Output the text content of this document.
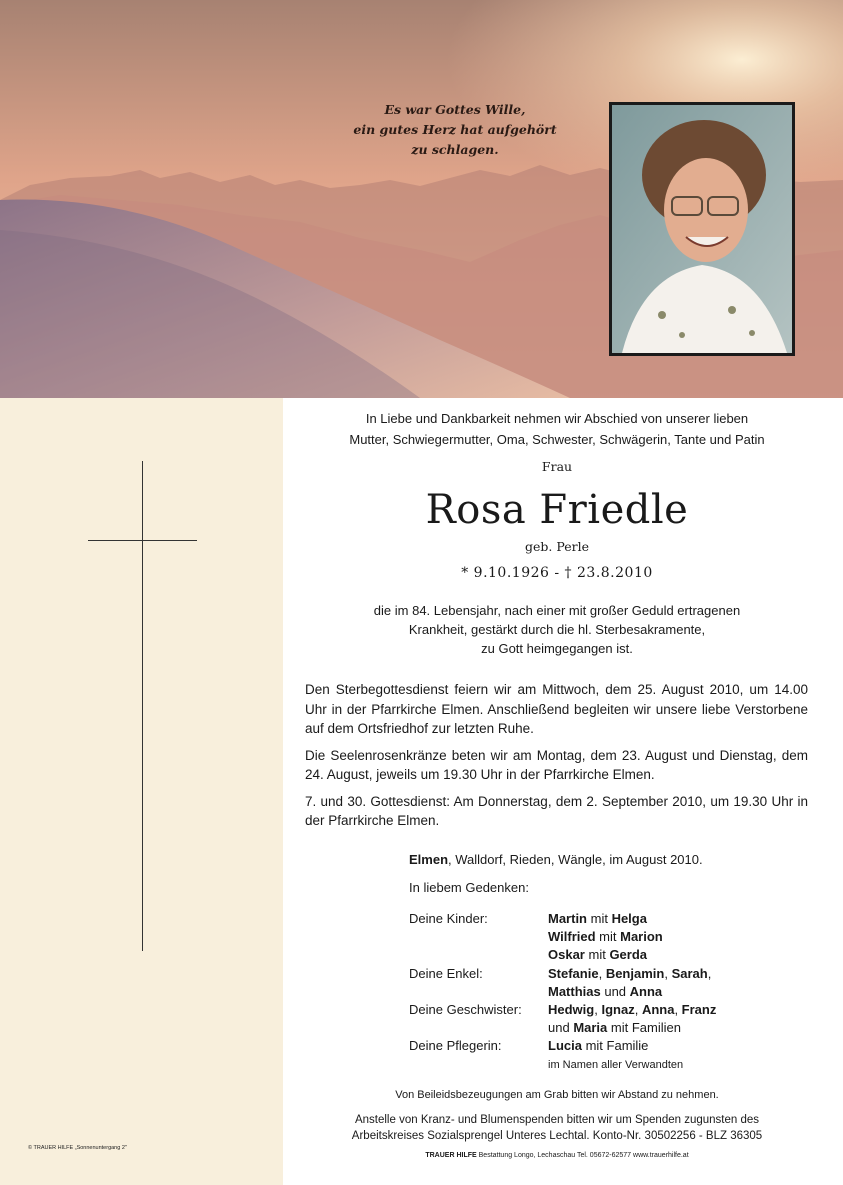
Es war Gottes Wille,
ein gutes Herz hat aufgehört
zu schlagen.
© TRAUER HILFE „Sonnenuntergang 2"
In Liebe und Dankbarkeit nehmen wir Abschied von unserer lieben
Mutter, Schwiegermutter, Oma, Schwester, Schwägerin, Tante und Patin
Frau
Rosa Friedle
geb. Perle
* 9.10.1926 - † 23.8.2010
die im 84. Lebensjahr, nach einer mit großer Geduld ertragenen
Krankheit, gestärkt durch die hl. Sterbesakramente,
zu Gott heimgegangen ist.

Den Sterbegottesdienst feiern wir am Mittwoch, dem 25. August 2010, um 14.00 Uhr in der Pfarrkirche Elmen. Anschließend begleiten wir unsere liebe Verstorbene auf dem Ortsfriedhof zur letzten Ruhe.

Die Seelenrosenkränze beten wir am Montag, dem 23. August und Dienstag, dem 24. August, jeweils um 19.30 Uhr in der Pfarrkirche Elmen.

7. und 30. Gottesdienst: Am Donnerstag, dem 2. September 2010, um 19.30 Uhr in der Pfarrkirche Elmen.

Elmen, Walldorf, Rieden, Wängle, im August 2010.
In liebem Gedenken:
Deine Kinder:	Martin mit Helga
Wilfried mit Marion
Oskar mit Gerda
Deine Enkel:	Stefanie, Benjamin, Sarah,
Matthias und Anna
Deine Geschwister: Hedwig, Ignaz, Anna, Franz
und Maria mit Familien
Deine Pflegerin:	Lucia mit Familie
im Namen aller Verwandten
Von Beileidsbezeugungen am Grab bitten wir Abstand zu nehmen.
Anstelle von Kranz- und Blumenspenden bitten wir um Spenden zugunsten des
Arbeitskreises Sozialsprengel Unteres Lechtal. Konto-Nr. 30502256 - BLZ 36305
TRAUER HILFE Bestattung Longo, Lechaschau Tel. 05672-62577 www.trauerhilfe.at
